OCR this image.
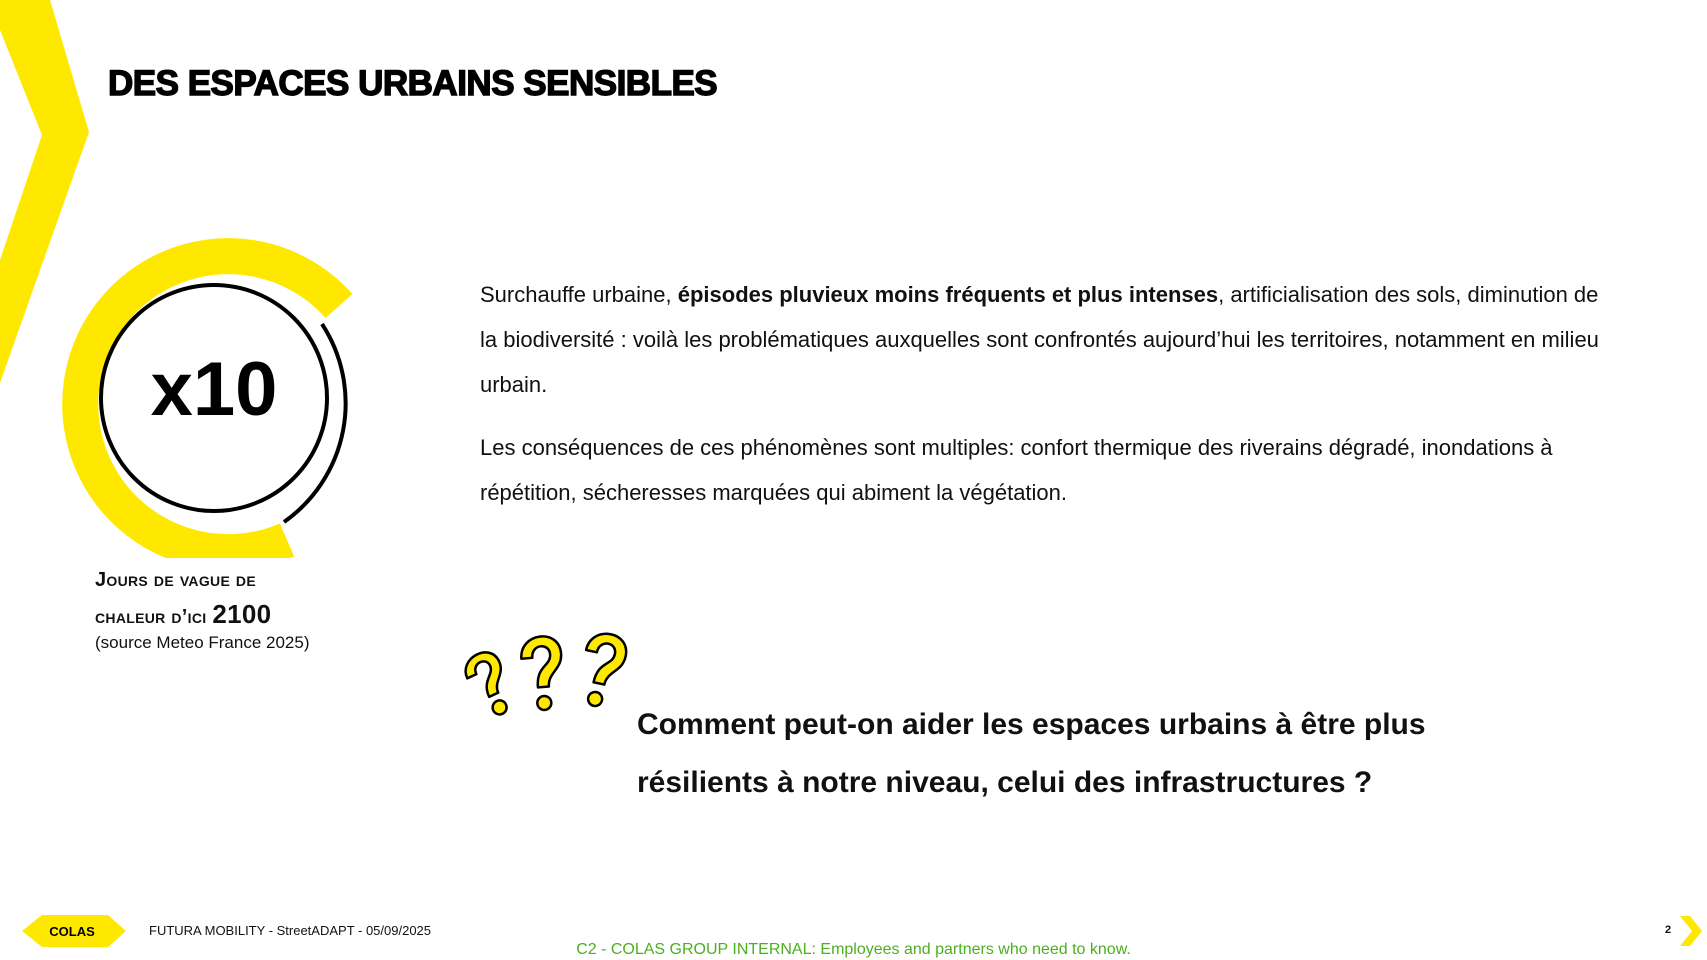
DES ESPACES URBAINS SENSIBLES
x10
Jours de vague de
chaleur d’ici 2100
(source Meteo France 2025)

Surchauffe urbaine, épisodes pluvieux moins fréquents et plus intenses, artificialisation des sols, diminution de la biodiversité : voilà les problématiques auxquelles sont confrontés aujourd’hui les territoires, notamment en milieu urbain.

Les conséquences de ces phénomènes sont multiples: confort thermique des riverains dégradé, inondations à répétition, sécheresses marquées qui abiment la végétation.

Comment peut-on aider les espaces urbains à être plus résilients à notre niveau, celui des infrastructures ?
COLAS	FUTURA MOBILITY - StreetADAPT - 05/09/2025
C2 - COLAS GROUP INTERNAL: Employees and partners who need to know.
2
